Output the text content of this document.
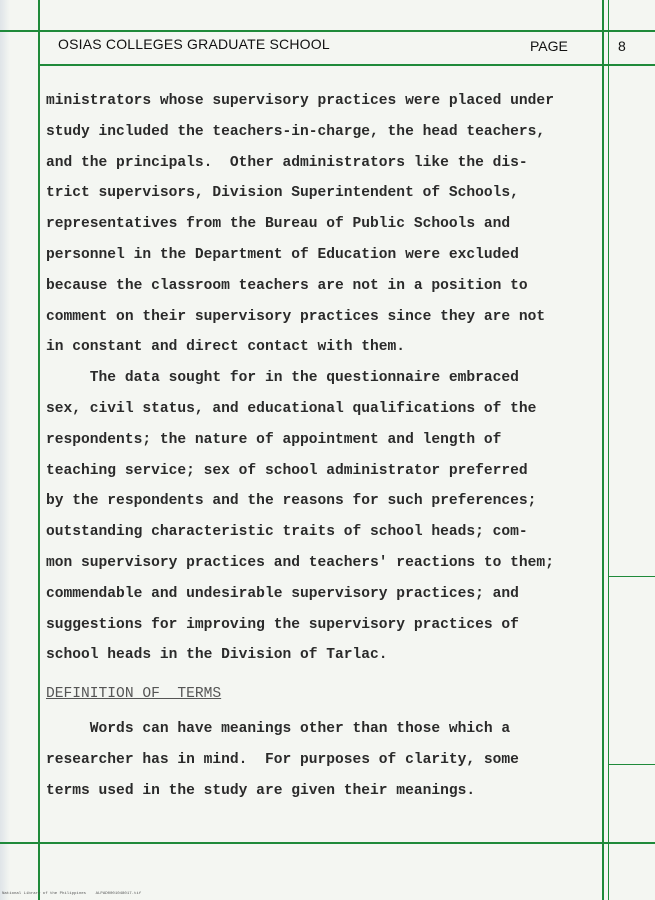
OSIAS COLLEGES GRADUATE SCHOOL	PAGE	8
ministrators whose supervisory practices were placed under
study included the teachers-in-charge, the head teachers,
and the principals.  Other administrators like the dis-
trict supervisors, Division Superintendent of Schools,
representatives from the Bureau of Public Schools and
personnel in the Department of Education were excluded
because the classroom teachers are not in a position to
comment on their supervisory practices since they are not
in constant and direct contact with them.
The data sought for in the questionnaire embraced
sex, civil status, and educational qualifications of the
respondents; the nature of appointment and length of
teaching service; sex of school administrator preferred
by the respondents and the reasons for such preferences;
outstanding characteristic traits of school heads; com-
mon supervisory practices and teachers' reactions to them;
commendable and undesirable supervisory practices; and
suggestions for improving the supervisory practices of
school heads in the Division of Tarlac.
DEFINITION OF  TERMS
Words can have meanings other than those which a
researcher has in mind.  For purposes of clarity, some
terms used in the study are given their meanings.
National Library of the Philippines    ALPAD0001048017.tif
